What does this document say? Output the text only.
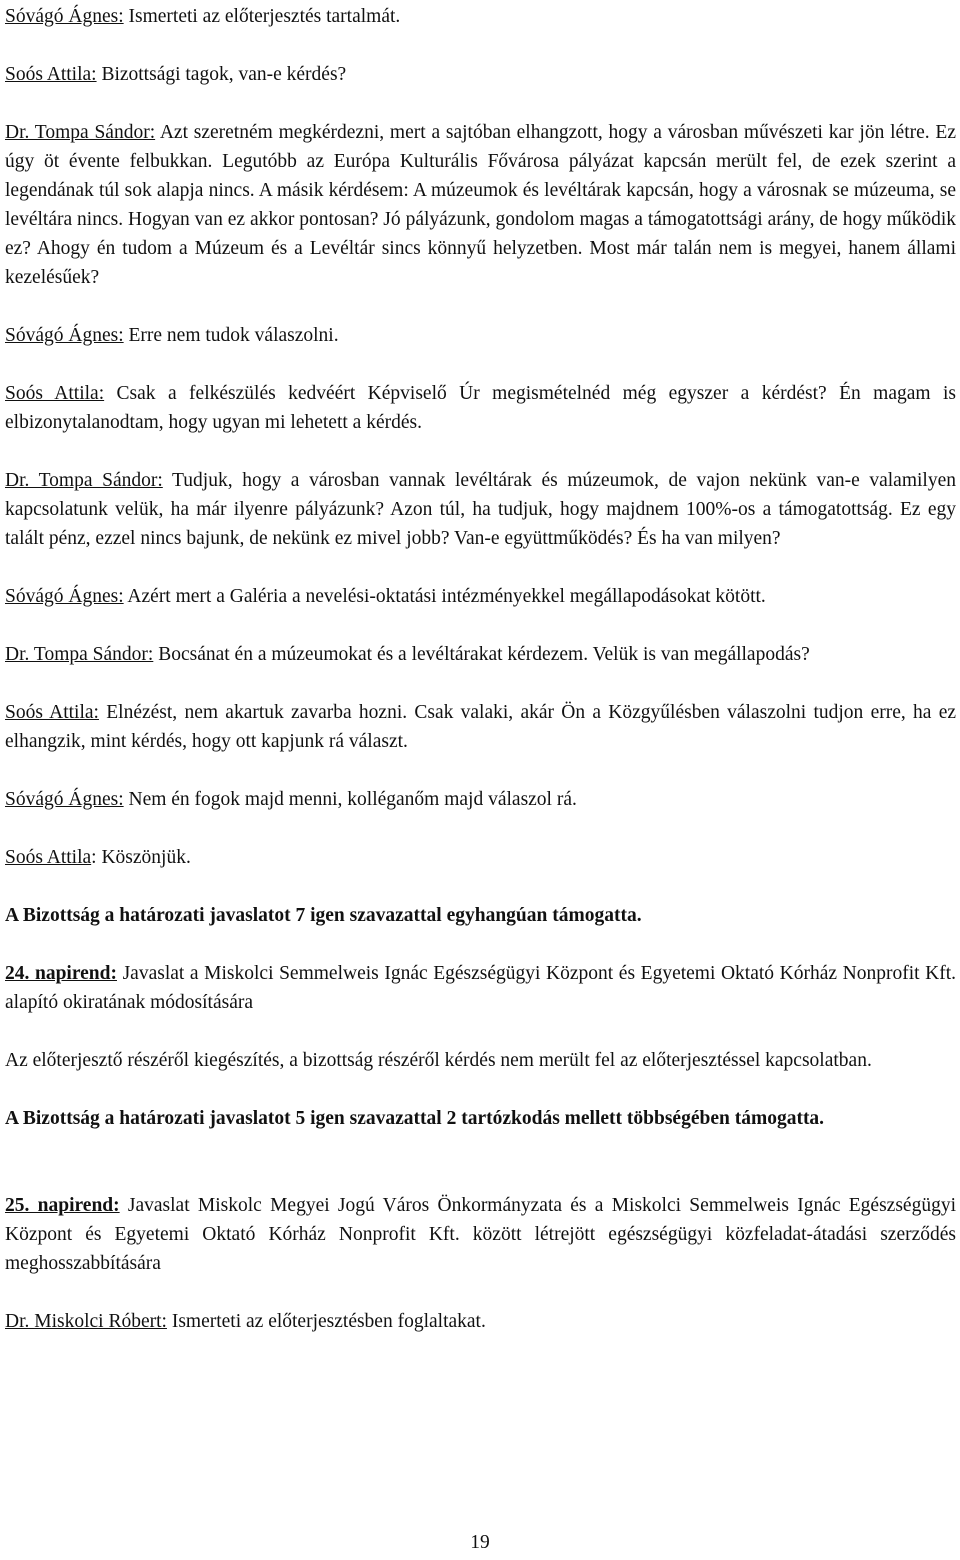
Sóvágó Ágnes: Ismerteti az előterjesztés tartalmát.

Soós Attila: Bizottsági tagok, van-e kérdés?

Dr. Tompa Sándor: Azt szeretném megkérdezni, mert a sajtóban elhangzott, hogy a városban művészeti kar jön létre. Ez úgy öt évente felbukkan. Legutóbb az Európa Kulturális Fővárosa pályázat kapcsán merült fel, de ezek szerint a legendának túl sok alapja nincs. A másik kérdésem: A múzeumok és levéltárak kapcsán, hogy a városnak se múzeuma, se levéltára nincs. Hogyan van ez akkor pontosan? Jó pályázunk, gondolom magas a támogatottsági arány, de hogy működik ez? Ahogy én tudom a Múzeum és a Levéltár sincs könnyű helyzetben. Most már talán nem is megyei, hanem állami kezelésűek?

Sóvágó Ágnes: Erre nem tudok válaszolni.

Soós Attila: Csak a felkészülés kedvéért Képviselő Úr megismételnéd még egyszer a kérdést? Én magam is elbizonytalanodtam, hogy ugyan mi lehetett a kérdés.

Dr. Tompa Sándor: Tudjuk, hogy a városban vannak levéltárak és múzeumok, de vajon nekünk van-e valamilyen kapcsolatunk velük, ha már ilyenre pályázunk? Azon túl, ha tudjuk, hogy majdnem 100%-os a támogatottság. Ez egy talált pénz, ezzel nincs bajunk, de nekünk ez mivel jobb? Van-e együttműködés? És ha van milyen?

Sóvágó Ágnes: Azért mert a Galéria a nevelési-oktatási intézményekkel megállapodásokat kötött.

Dr. Tompa Sándor: Bocsánat én a múzeumokat és a levéltárakat kérdezem. Velük is van megállapodás?

Soós Attila: Elnézést, nem akartuk zavarba hozni. Csak valaki, akár Ön a Közgyűlésben válaszolni tudjon erre, ha ez elhangzik, mint kérdés, hogy ott kapjunk rá választ.

Sóvágó Ágnes: Nem én fogok majd menni, kolléganőm majd válaszol rá.

Soós Attila: Köszönjük.

A Bizottság a határozati javaslatot 7 igen szavazattal egyhangúan támogatta.

24. napirend: Javaslat a Miskolci Semmelweis Ignác Egészségügyi Központ és Egyetemi Oktató Kórház Nonprofit Kft. alapító okiratának módosítására

Az előterjesztő részéről kiegészítés, a bizottság részéről kérdés nem merült fel az előterjesztéssel kapcsolatban.

A Bizottság a határozati javaslatot 5 igen szavazattal 2 tartózkodás mellett többségében támogatta.

25. napirend: Javaslat Miskolc Megyei Jogú Város Önkormányzata és a Miskolci Semmelweis Ignác Egészségügyi Központ és Egyetemi Oktató Kórház Nonprofit Kft. között létrejött egészségügyi közfeladat-átadási szerződés meghosszabbítására

Dr. Miskolci Róbert: Ismerteti az előterjesztésben foglaltakat.

19
